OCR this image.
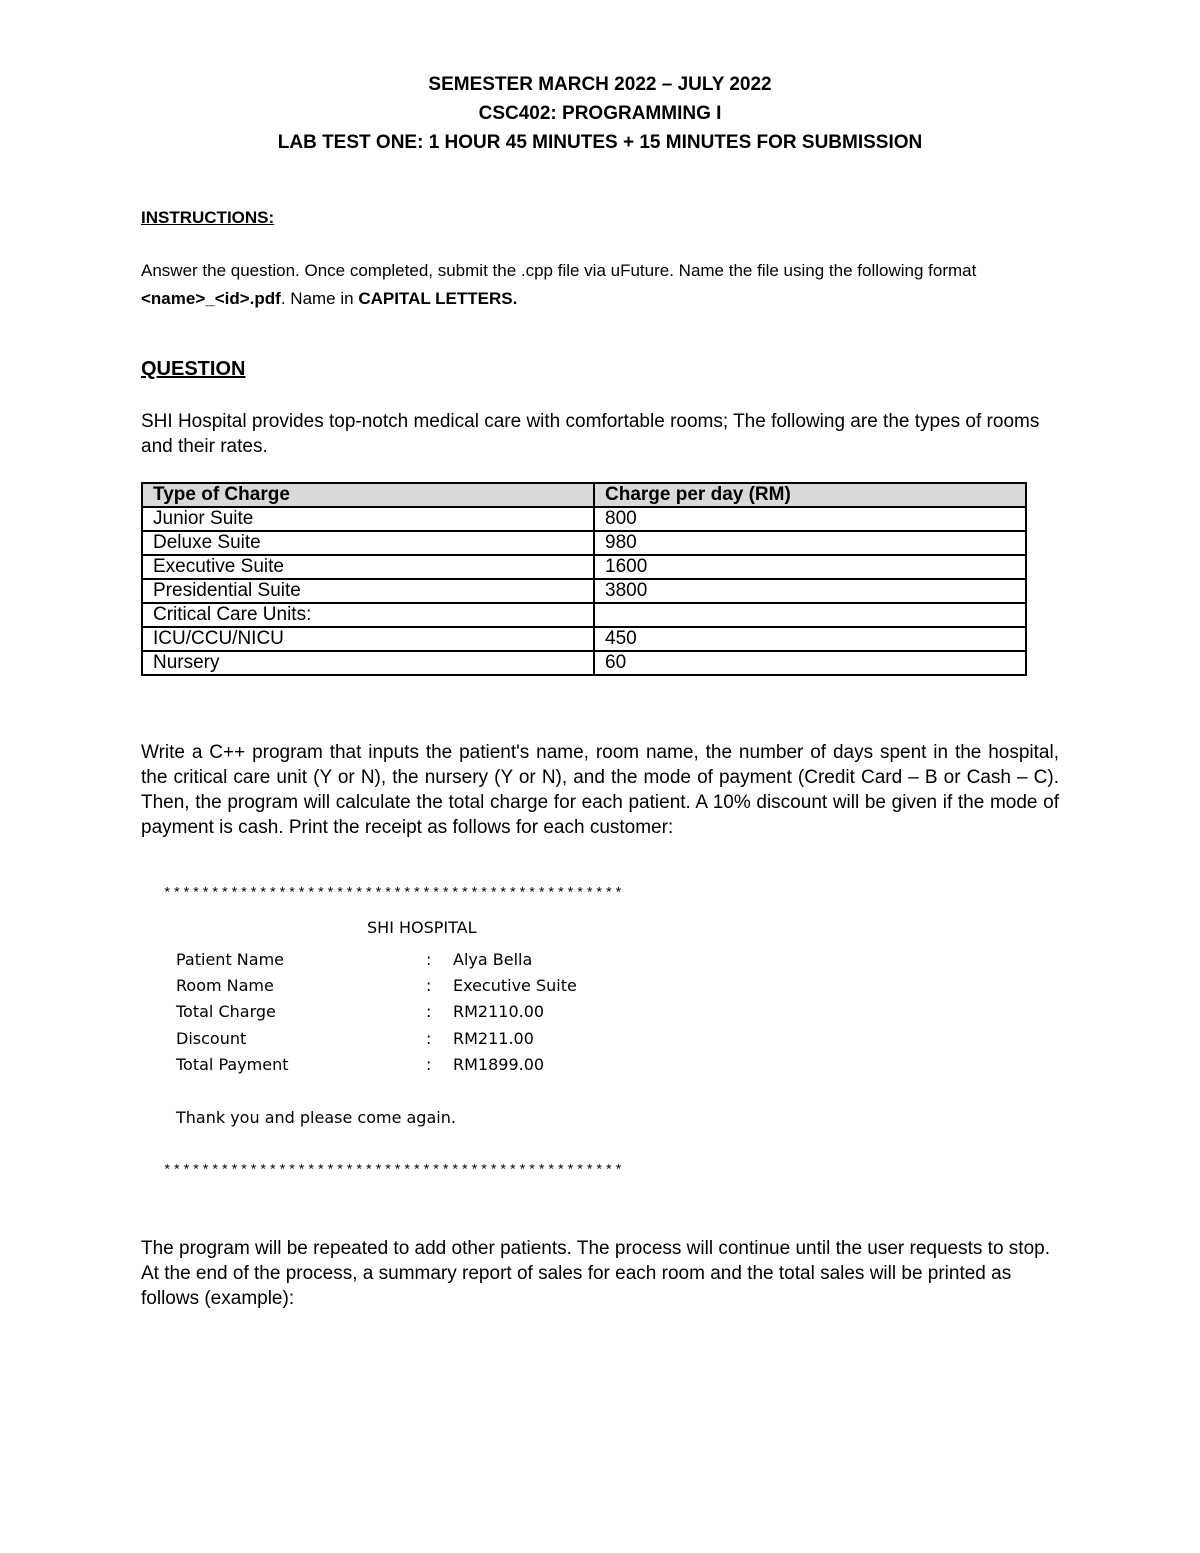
SEMESTER MARCH 2022 – JULY 2022
CSC402: PROGRAMMING I
LAB TEST ONE: 1 HOUR 45 MINUTES + 15 MINUTES FOR SUBMISSION
INSTRUCTIONS:
Answer the question. Once completed, submit the .cpp file via uFuture. Name the file using the following format <name>_<id>.pdf. Name in CAPITAL LETTERS.
QUESTION
SHI Hospital provides top-notch medical care with comfortable rooms; The following are the types of rooms and their rates.
Type of Charge	Charge per day (RM)
Junior Suite	800
Deluxe Suite	980
Executive Suite	1600
Presidential Suite	3800
Critical Care Units:	
ICU/CCU/NICU	450
Nursery	60
Write a C++ program that inputs the patient's name, room name, the number of days spent in the hospital, the critical care unit (Y or N), the nursery (Y or N), and the mode of payment (Credit Card – B or Cash – C). Then, the program will calculate the total charge for each patient. A 10% discount will be given if the mode of payment is cash. Print the receipt as follows for each customer:
************************************************
SHI HOSPITAL
Patient Name	: Alya Bella
Room Name	: Executive Suite
Total Charge	: RM2110.00
Discount	: RM211.00
Total Payment	: RM1899.00
Thank you and please come again.
************************************************
The program will be repeated to add other patients. The process will continue until the user requests to stop. At the end of the process, a summary report of sales for each room and the total sales will be printed as follows (example):
